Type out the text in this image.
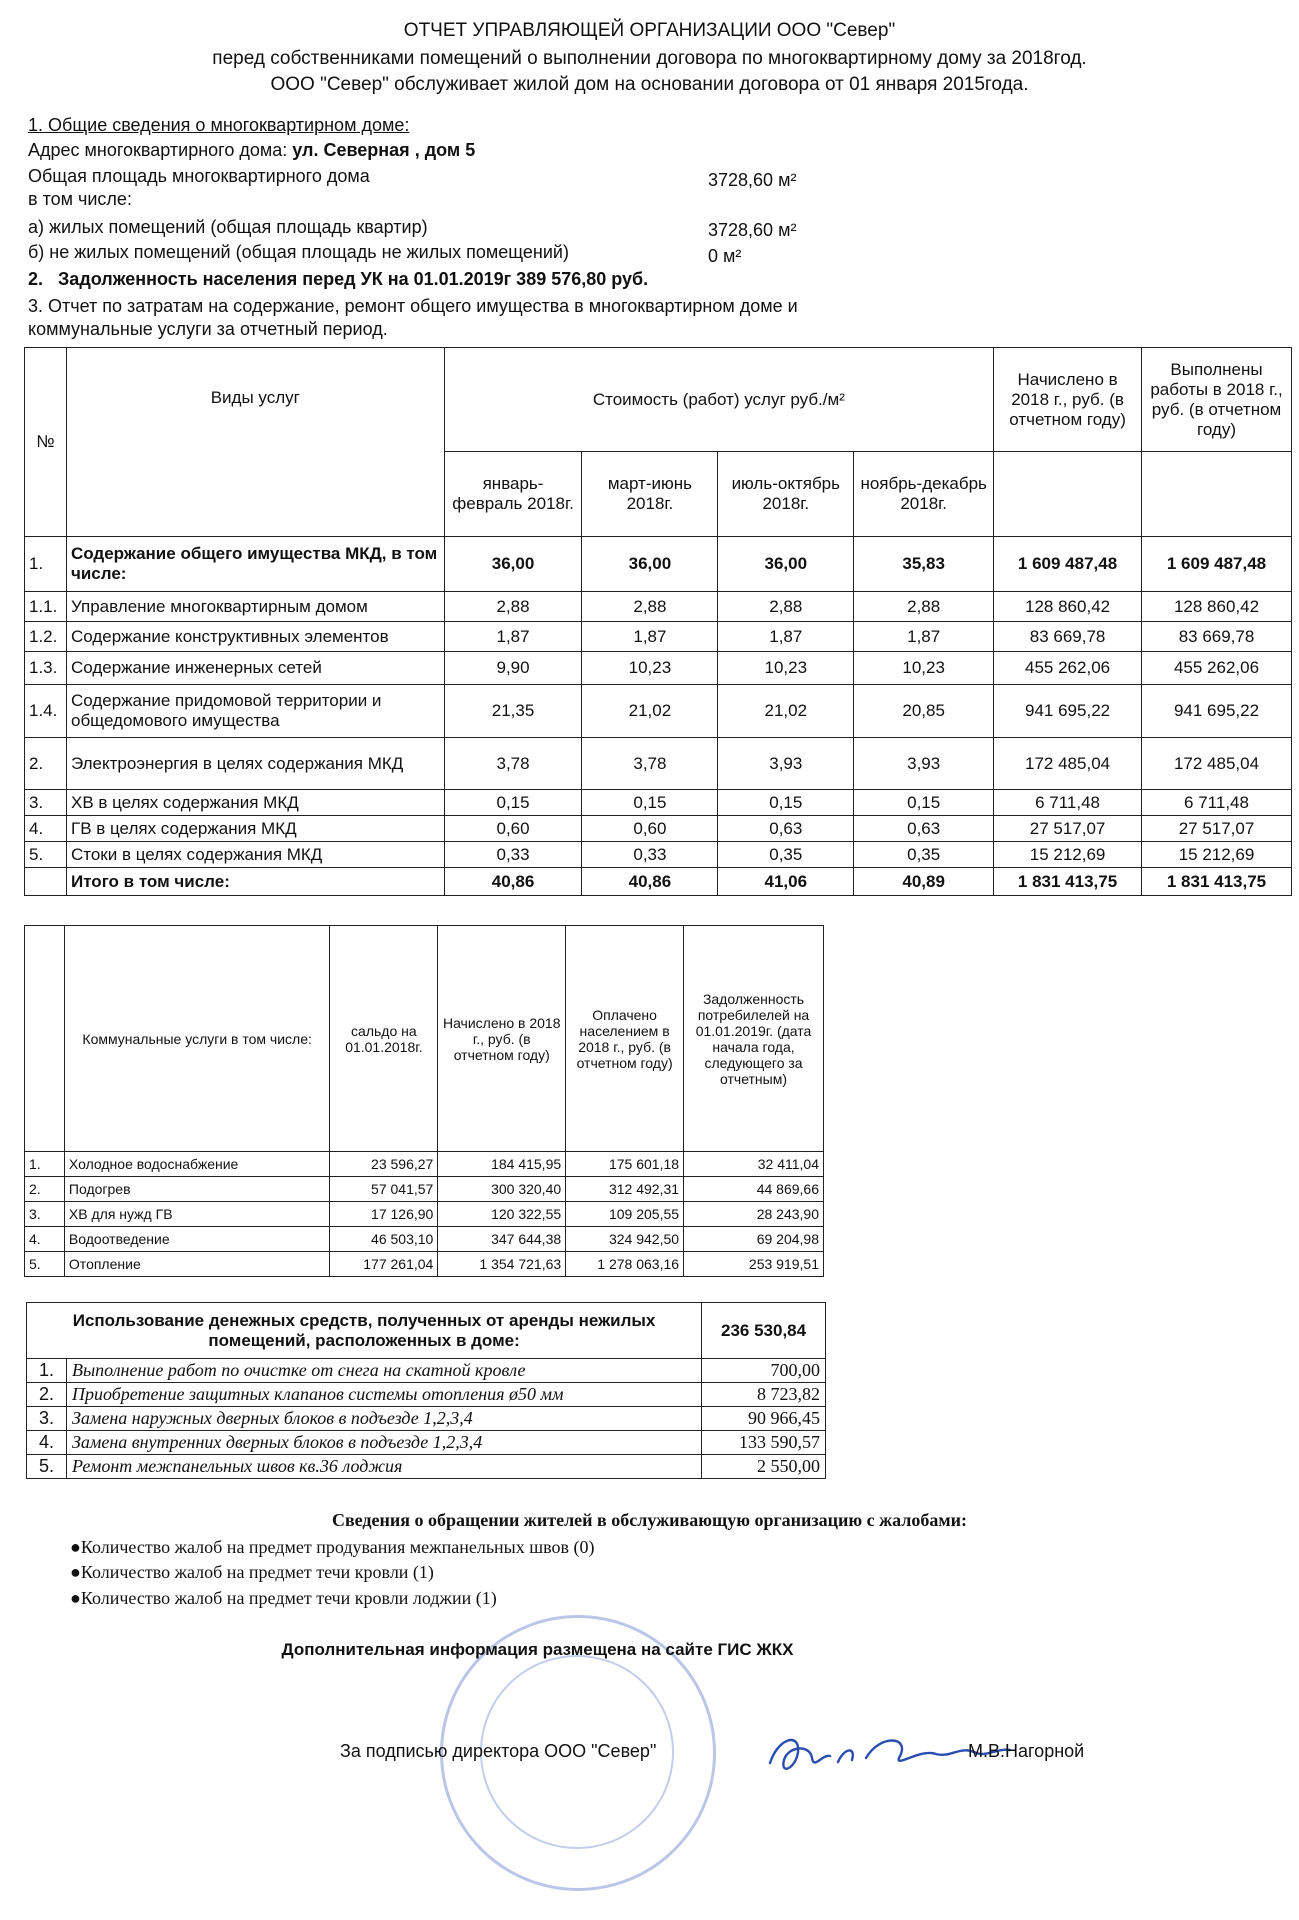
ОТЧЕТ УПРАВЛЯЮЩЕЙ ОРГАНИЗАЦИИ ООО "Север"
перед собственниками помещений о выполнении договора по многоквартирному дому за 2018год.
ООО "Север" обслуживает жилой дом на основании договора от 01 января 2015года.
1. Общие сведения о многоквартирном доме:
Адрес многоквартирного дома: ул. Северная , дом 5
Общая площадь многоквартирного дома	3728,60 м²
в том числе:
а) жилых помещений (общая площадь квартир)	3728,60 м²
б) не жилых помещений (общая площадь не жилых помещений)	0 м²
2. Задолженность населения перед УК на 01.01.2019г 389 576,80 руб.
3. Отчет по затратам на содержание, ремонт общего имущества в многоквартирном доме и
коммунальные услуги за отчетный период.
№	Виды услуг	Стоимость (работ) услуг руб./м²				Начислено в 2018 г., руб. (в отчетном году)	Выполнены работы в 2018 г., руб. (в отчетном году)
		январь-февраль 2018г.	март-июнь 2018г.	июль-октябрь 2018г.	ноябрь-декабрь 2018г.		
1.	Содержание общего имущества МКД, в том числе:	36,00	36,00	36,00	35,83	1 609 487,48	1 609 487,48
1.1.	Управление многоквартирным домом	2,88	2,88	2,88	2,88	128 860,42	128 860,42
1.2.	Содержание конструктивных элементов	1,87	1,87	1,87	1,87	83 669,78	83 669,78
1.3.	Содержание инженерных сетей	9,90	10,23	10,23	10,23	455 262,06	455 262,06
1.4.	Содержание придомовой территории и общедомового имущества	21,35	21,02	21,02	20,85	941 695,22	941 695,22
2.	Электроэнергия в целях содержания МКД	3,78	3,78	3,93	3,93	172 485,04	172 485,04
3.	ХВ в целях содержания МКД	0,15	0,15	0,15	0,15	6 711,48	6 711,48
4.	ГВ в целях содержания МКД	0,60	0,60	0,63	0,63	27 517,07	27 517,07
5.	Стоки в целях содержания МКД	0,33	0,33	0,35	0,35	15 212,69	15 212,69
	Итого в том числе:	40,86	40,86	41,06	40,89	1 831 413,75	1 831 413,75
	Коммунальные услуги в том числе:	сальдо на 01.01.2018г.	Начислено в 2018 г., руб. (в отчетном году)	Оплачено населением в 2018 г., руб. (в отчетном году)	Задолженность потребилелей на 01.01.2019г. (дата начала года, следующего за отчетным)
1.	Холодное водоснабжение	23 596,27	184 415,95	175 601,18	32 411,04
2.	Подогрев	57 041,57	300 320,40	312 492,31	44 869,66
3.	ХВ для нужд ГВ	17 126,90	120 322,55	109 205,55	28 243,90
4.	Водоотведение	46 503,10	347 644,38	324 942,50	69 204,98
5.	Отопление	177 261,04	1 354 721,63	1 278 063,16	253 919,51
Использование денежных средств, полученных от аренды нежилых помещений, расположенных в доме:		236 530,84
1.	Выполнение работ по очистке от снега на скатной кровле	700,00
2.	Приобретение защитных клапанов системы отопления ø50 мм	8 723,82
3.	Замена наружных дверных блоков в подъезде 1,2,3,4	90 966,45
4.	Замена внутренних дверных блоков в подъезде 1,2,3,4	133 590,57
5.	Ремонт межпанельных швов кв.36 лоджия	2 550,00
Сведения о обращении жителей в обслуживающую организацию с жалобами:
●Количество жалоб на предмет продувания межпанельных швов (0)
●Количество жалоб на предмет течи кровли (1)
●Количество жалоб на предмет течи кровли лоджии (1)
Дополнительная информация размещена на сайте ГИС ЖКХ
За подписью директора ООО "Север"	М.В.Нагорной
